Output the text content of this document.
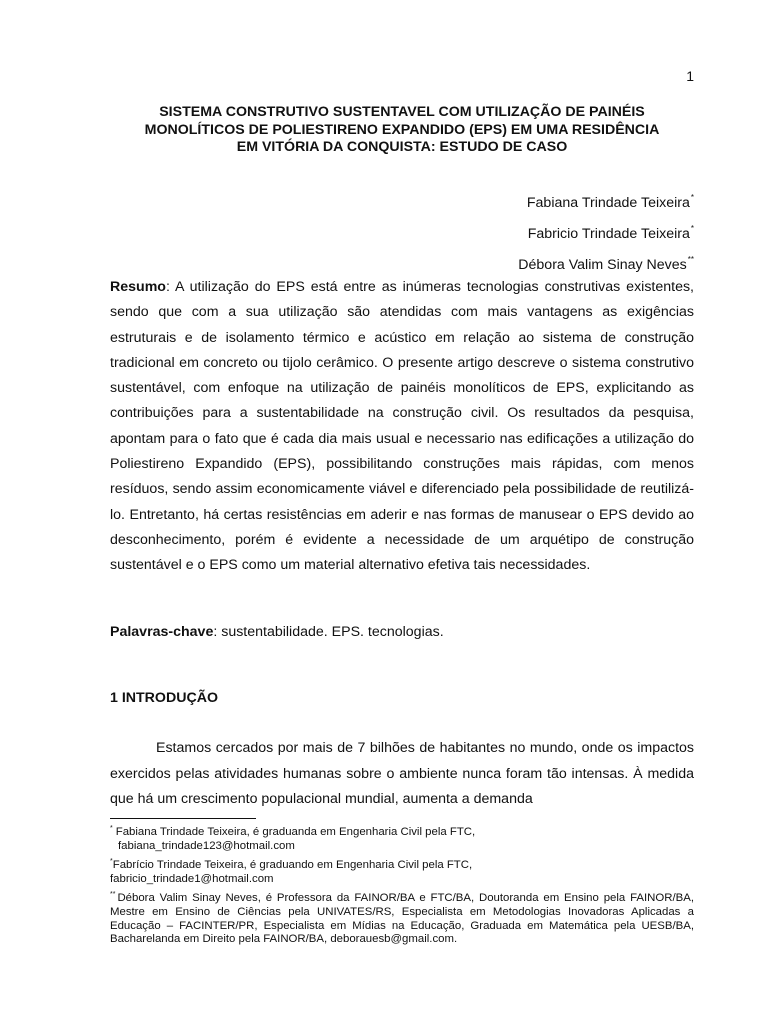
1
SISTEMA CONSTRUTIVO SUSTENTAVEL COM UTILIZAÇÃO DE PAINÉIS
MONOLÍTICOS DE POLIESTIRENO EXPANDIDO (EPS) EM UMA RESIDÊNCIA
EM VITÓRIA DA CONQUISTA: ESTUDO DE CASO
Fabiana Trindade Teixeira*
Fabricio Trindade Teixeira*
Débora Valim Sinay Neves**

Resumo: A utilização do EPS está entre as inúmeras tecnologias construtivas existentes, sendo que com a sua utilização são atendidas com mais vantagens as exigências estruturais e de isolamento térmico e acústico em relação ao sistema de construção tradicional em concreto ou tijolo cerâmico. O presente artigo descreve o sistema construtivo sustentável, com enfoque na utilização de painéis monolíticos de EPS, explicitando as contribuições para a sustentabilidade na construção civil. Os resultados da pesquisa, apontam para o fato que é cada dia mais usual e necessario nas edificações a utilização do Poliestireno Expandido (EPS), possibilitando construções mais rápidas, com menos resíduos, sendo assim economicamente viável e diferenciado pela possibilidade de reutilizá-lo. Entretanto, há certas resistências em aderir e nas formas de manusear o EPS devido ao desconhecimento, porém é evidente a necessidade de um arquétipo de construção sustentável e o EPS como um material alternativo efetiva tais necessidades.

Palavras-chave: sustentabilidade. EPS. tecnologias.

1 INTRODUÇÃO

Estamos cercados por mais de 7 bilhões de habitantes no mundo, onde os impactos exercidos pelas atividades humanas sobre o ambiente nunca foram tão intensas. À medida que há um crescimento populacional mundial, aumenta a demanda

* Fabiana Trindade Teixeira, é graduanda em Engenharia Civil pela FTC,
fabiana_trindade123@hotmail.com

*Fabrício Trindade Teixeira, é graduando em Engenharia Civil pela FTC,
fabricio_trindade1@hotmail.com

** Débora Valim Sinay Neves, é Professora da FAINOR/BA e FTC/BA, Doutoranda em Ensino pela FAINOR/BA, Mestre em Ensino de Ciências pela UNIVATES/RS, Especialista em Metodologias Inovadoras Aplicadas a Educação – FACINTER/PR, Especialista em Mídias na Educação, Graduada em Matemática pela UESB/BA, Bacharelanda em Direito pela FAINOR/BA, deborauesb@gmail.com.
